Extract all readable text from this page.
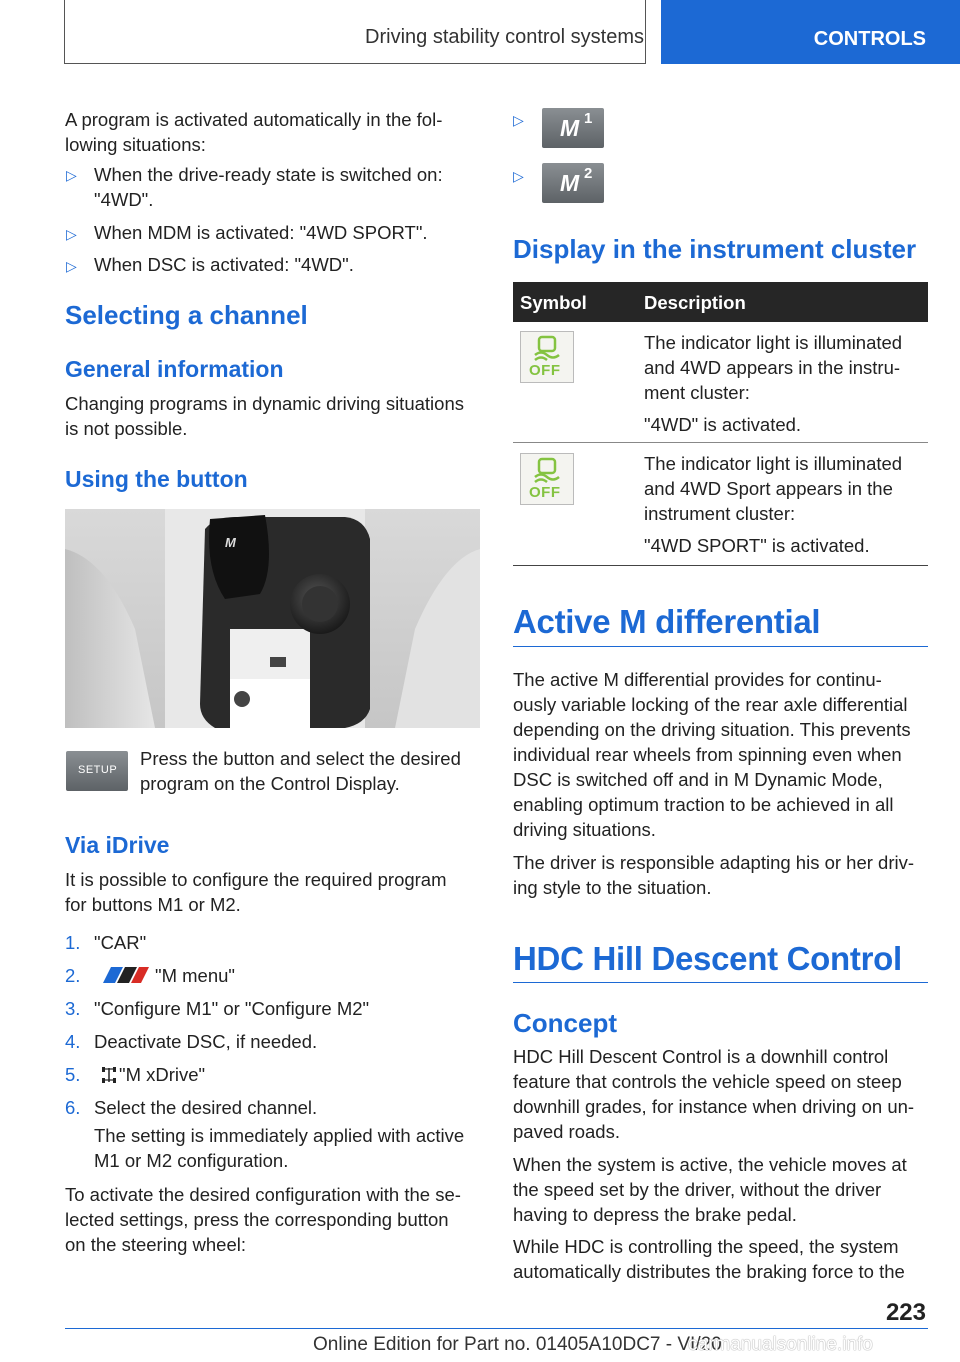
Driving stability control systems	CONTROLS
A program is activated automatically in the fol-
lowing situations:
▷ When the drive-ready state is switched on:
"4WD".
▷ When MDM is activated: "4WD SPORT".
▷ When DSC is activated: "4WD".
Selecting a channel
General information
Changing programs in dynamic driving situations
is not possible.
Using the button
M
SETUP
Press the button and select the desired
program on the Control Display.
Via iDrive
It is possible to configure the required program
for buttons M1 or M2.
1. "CAR"
2.	"M menu"
3. "Configure M1" or "Configure M2"
4. Deactivate DSC, if needed.
5. "M xDrive"
6. Select the desired channel.
The setting is immediately applied with active
M1 or M2 configuration.
To activate the desired configuration with the se-
lected settings, press the corresponding button
on the steering wheel:
▷ M 1
▷ M 2
Display in the instrument cluster
Symbol	Description
OFF
The indicator light is illuminated
and 4WD appears in the instru-
ment cluster:
"4WD" is activated.
OFF
The indicator light is illuminated
and 4WD Sport appears in the
instrument cluster:
"4WD SPORT" is activated.
Active M differential
The active M differential provides for continu-
ously variable locking of the rear axle differential
depending on the driving situation. This prevents
individual rear wheels from spinning even when
DSC is switched off and in M Dynamic Mode,
enabling optimum traction to be achieved in all
driving situations.
The driver is responsible adapting his or her driv-
ing style to the situation.
HDC Hill Descent Control
Concept
HDC Hill Descent Control is a downhill control
feature that controls the vehicle speed on steep
downhill grades, for instance when driving on un-
paved roads.
When the system is active, the vehicle moves at
the speed set by the driver, without the driver
having to depress the brake pedal.
While HDC is controlling the speed, the system
automatically distributes the braking force to the
223
Online Edition for Part no. 01405A10DC7 - VI/20
carmanualsonline.info
